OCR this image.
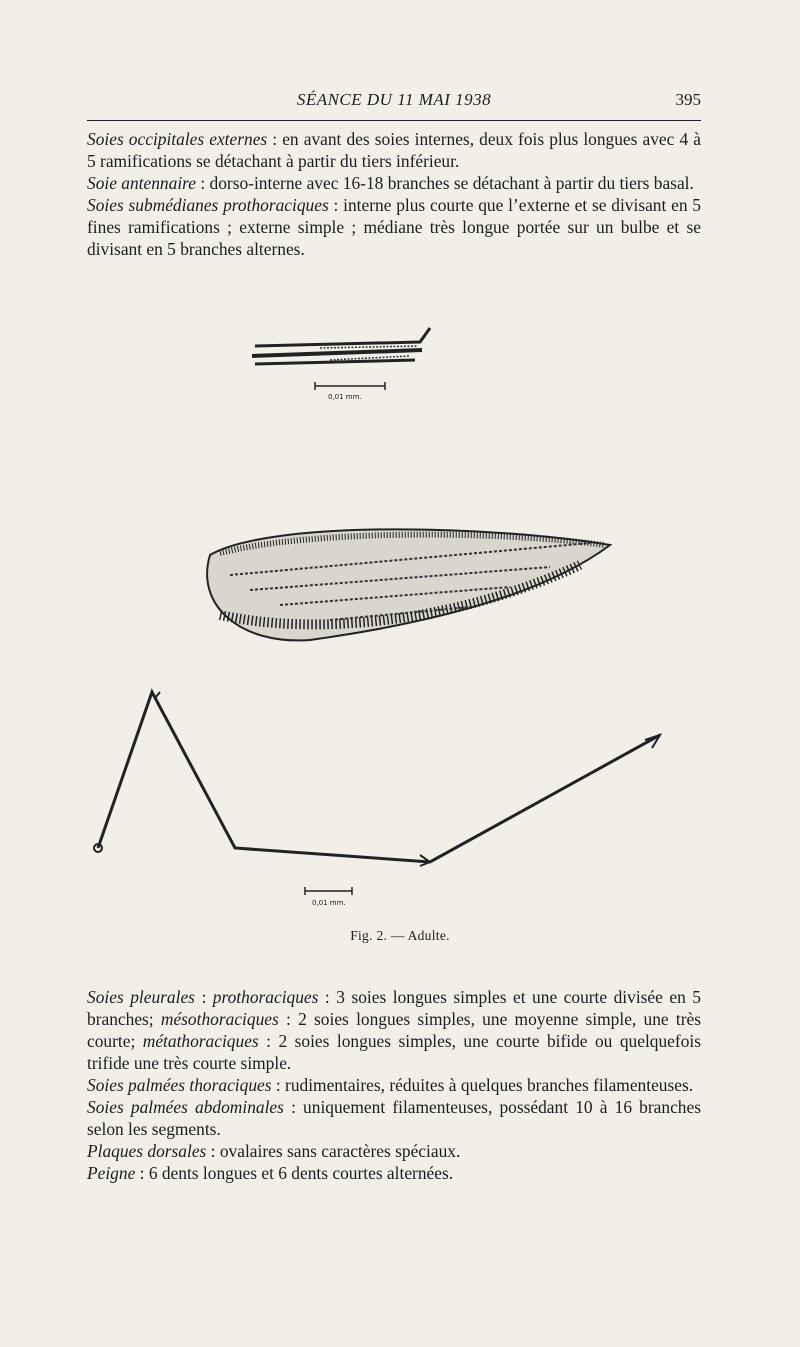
SÉANCE DU 11 MAI 1938	395

Soies occipitales externes : en avant des soies internes, deux fois plus longues avec 4 à 5 ramifications se détachant à partir du tiers inférieur.

Soie antennaire : dorso-interne avec 16-18 branches se détachant à partir du tiers basal.

Soies submédianes prothoraciques : interne plus courte que l’externe et se divisant en 5 fines ramifications ; externe simple ; médiane très longue portée sur un bulbe et se divisant en 5 branches alternes.

0,01 mm.
0,01 mm.
Fig. 2. — Adulte.

Soies pleurales : prothoraciques : 3 soies longues simples et une courte divisée en 5 branches; mésothoraciques : 2 soies longues simples, une moyenne simple, une très courte; métathoraciques : 2 soies longues simples, une courte bifide ou quelquefois trifide une très courte simple.

Soies palmées thoraciques : rudimentaires, réduites à quelques branches filamenteuses.

Soies palmées abdominales : uniquement filamenteuses, possédant 10 à 16 branches selon les segments.

Plaques dorsales : ovalaires sans caractères spéciaux.

Peigne : 6 dents longues et 6 dents courtes alternées.
